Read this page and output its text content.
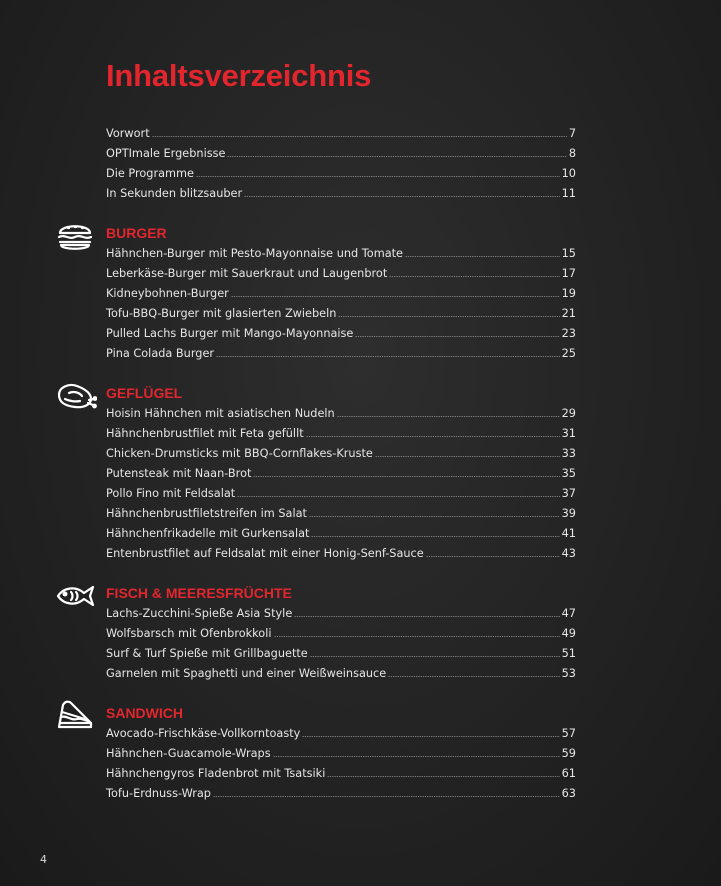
Inhaltsverzeichnis
Vorwort	7
OPTImale Ergebnisse	8
Die Programme	10
In Sekunden blitzsauber	11
BURGER
Hähnchen-Burger mit Pesto-Mayonnaise und Tomate	15
Leberkäse-Burger mit Sauerkraut und Laugenbrot	17
Kidneybohnen-Burger	19
Tofu-BBQ-Burger mit glasierten Zwiebeln	21
Pulled Lachs Burger mit Mango-Mayonnaise	23
Pina Colada Burger	25
GEFLÜGEL
Hoisin Hähnchen mit asiatischen Nudeln	29
Hähnchenbrustfilet mit Feta gefüllt	31
Chicken-Drumsticks mit BBQ-Cornflakes-Kruste	33
Putensteak mit Naan-Brot	35
Pollo Fino mit Feldsalat	37
Hähnchenbrustfiletstreifen im Salat	39
Hähnchenfrikadelle mit Gurkensalat	41
Entenbrustfilet auf Feldsalat mit einer Honig-Senf-Sauce	43
FISCH & MEERESFRÜCHTE
Lachs-Zucchini-Spieße Asia Style	47
Wolfsbarsch mit Ofenbrokkoli	49
Surf & Turf Spieße mit Grillbaguette	51
Garnelen mit Spaghetti und einer Weißweinsauce	53
SANDWICH
Avocado-Frischkäse-Vollkorntoasty	57
Hähnchen-Guacamole-Wraps	59
Hähnchengyros Fladenbrot mit Tsatsiki	61
Tofu-Erdnuss-Wrap	63
4
